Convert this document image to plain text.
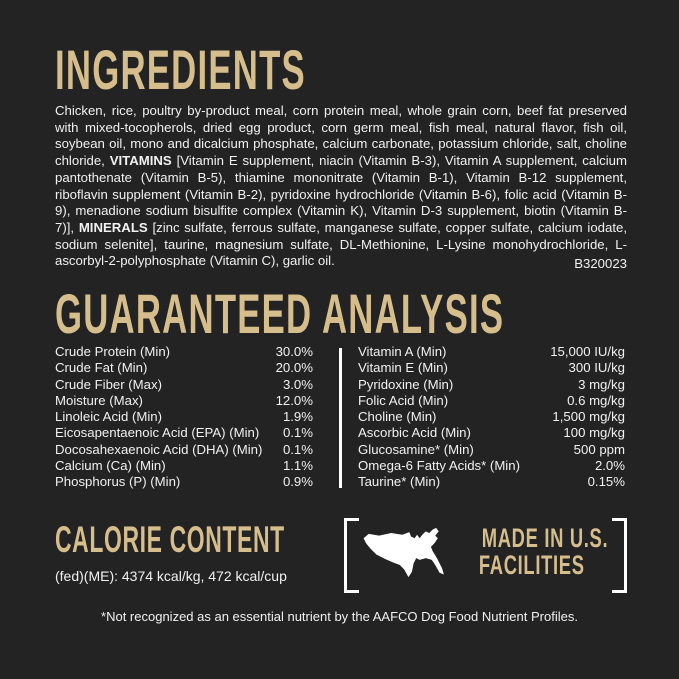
INGREDIENTS

Chicken, rice, poultry by-product meal, corn protein meal, whole grain corn, beef fat preserved with mixed-tocopherols, dried egg product, corn germ meal, fish meal, natural flavor, fish oil, soybean oil, mono and dicalcium phosphate, calcium carbonate, potassium chloride, salt, choline chloride, VITAMINS [Vitamin E supplement, niacin (Vitamin B-3), Vitamin A supplement, calcium pantothenate (Vitamin B-5), thiamine mononitrate (Vitamin B-1), Vitamin B-12 supplement, riboflavin supplement (Vitamin B-2), pyridoxine hydrochloride (Vitamin B-6), folic acid (Vitamin B-9), menadione sodium bisulfite complex (Vitamin K), Vitamin D-3 supplement, biotin (Vitamin B-7)], MINERALS [zinc sulfate, ferrous sulfate, manganese sulfate, copper sulfate, calcium iodate, sodium selenite], taurine, magnesium sulfate, DL-Methionine, L-Lysine monohydrochloride, L-ascorbyl-2-polyphosphate (Vitamin C), garlic oil.	B320023
GUARANTEED ANALYSIS
Crude Protein (Min)	30.0%
Crude Fat (Min)	20.0%
Crude Fiber (Max)	3.0%
Moisture (Max)	12.0%
Linoleic Acid (Min)	1.9%
Eicosapentaenoic Acid (EPA) (Min) 0.1%
Docosahexaenoic Acid (DHA) (Min) 0.1%
Calcium (Ca) (Min)	1.1%
Phosphorus (P) (Min)	0.9%
Vitamin A (Min)	15,000 IU/kg
Vitamin E (Min)	300 IU/kg
Pyridoxine (Min)	3 mg/kg
Folic Acid (Min)	0.6 mg/kg
Choline (Min)	1,500 mg/kg
Ascorbic Acid (Min)	100 mg/kg
Glucosamine* (Min)	500 ppm
Omega-6 Fatty Acids* (Min)	2.0%
Taurine* (Min)	0.15%
CALORIE CONTENT
(fed)(ME): 4374 kcal/kg, 472 kcal/cup
MADE IN U.S.
FACILITIES
*Not recognized as an essential nutrient by the AAFCO Dog Food Nutrient Profiles.
